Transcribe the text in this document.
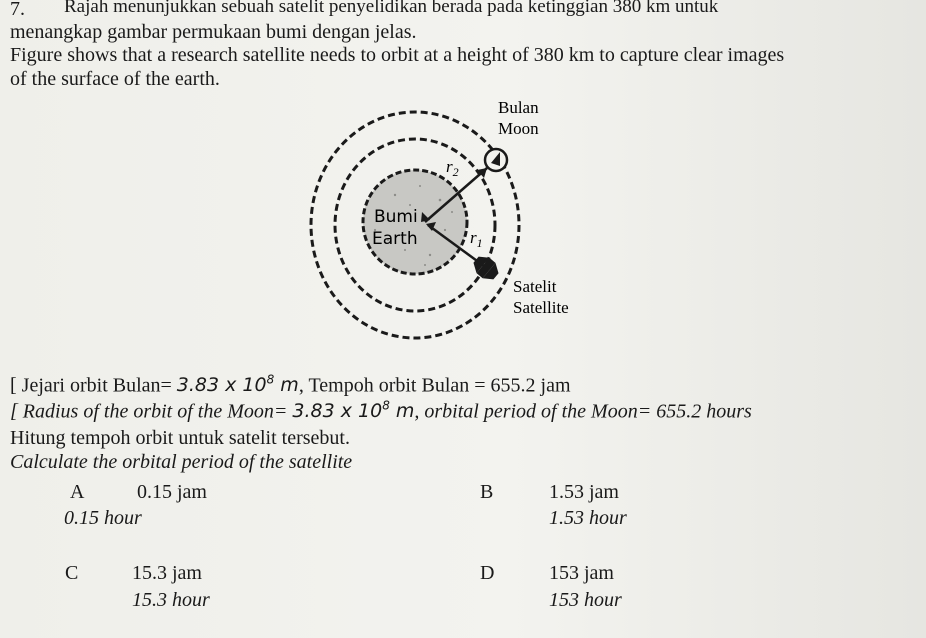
7. Rajah menunjukkan sebuah satelit penyelidikan berada pada ketinggian 380 km untuk
menangkap gambar permukaan bumi dengan jelas.
Figure shows that a research satellite needs to orbit at a height of 380 km to capture clear images
of the surface of the earth.
Bulan
Moon
Bumi
Earth
Satelit
Satellite
$r_2$
$r_1$
[ Jejari orbit Bulan= 3.83 x $10^8$ m, Tempoh orbit Bulan = 655.2 jam
[ Radius of the orbit of the Moon= 3.83 x $10^8$ m, orbital period of the Moon= 655.2 hours
Hitung tempoh orbit untuk satelit tersebut.
Calculate the orbital period of the satellite
A	0.15 jam
0.15 hour
B	1.53 jam
1.53 hour
C	15.3 jam
15.3 hour
D	153 jam
153 hour
